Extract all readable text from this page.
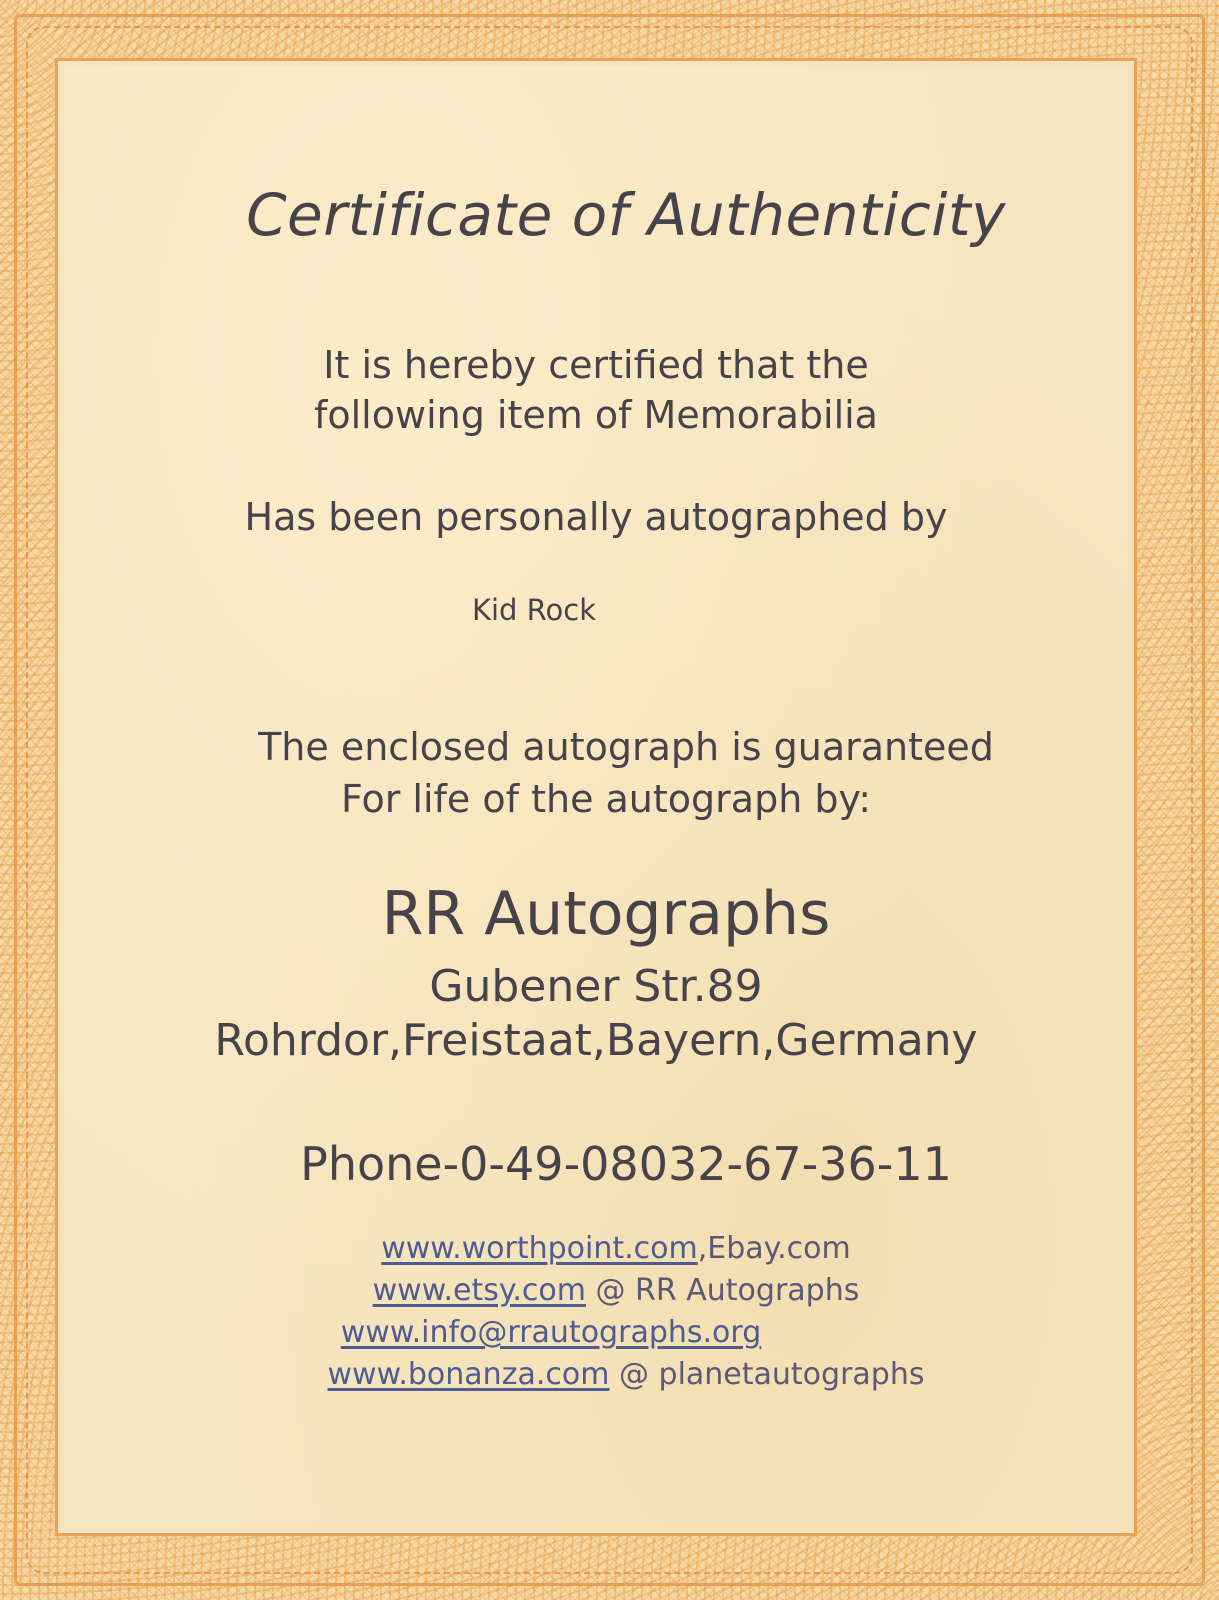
Certificate of Authenticity
It is hereby certified that the
following item of Memorabilia
Has been personally autographed by
Kid Rock
The enclosed autograph is guaranteed
For life of the autograph by:
RR Autographs
Gubener Str.89
Rohrdor,Freistaat,Bayern,Germany
Phone-0-49-08032-67-36-11
www.worthpoint.com,Ebay.com
www.etsy.com @ RR Autographs
www.info@rrautographs.org
www.bonanza.com @ planetautographs
